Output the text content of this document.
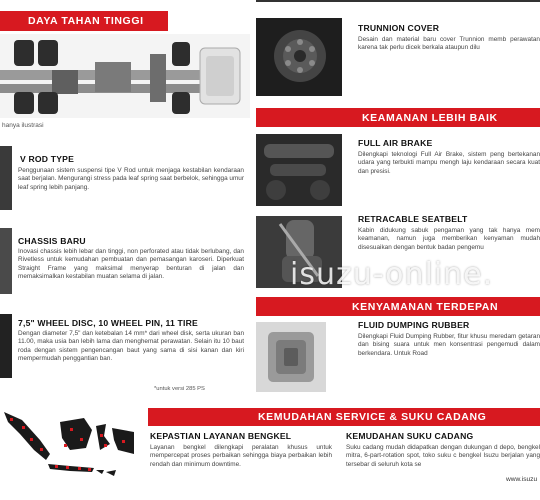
DAYA TAHAN TINGGI
hanya ilustrasi
V ROD TYPE
Penggunaan sistem suspensi tipe V Rod untuk menjaga kestabilan kendaraan saat berjalan. Mengurangi stress pada leaf spring saat berbelok, sehingga umur leaf spring lebih panjang.
CHASSIS BARU
Inovasi chassis lebih lebar dan tinggi, non perforated atau tidak berlubang, dan Rivetless untuk kemudahan pembuatan dan pemasangan karoseri. Diperkuat Straight Frame yang maksimal menyerap benturan di jalan dan memaksimalkan kestabilan muatan selama di jalan.
7,5" WHEEL DISC, 10 WHEEL PIN, 11 TIRE
Dengan diameter 7,5" dan ketebalan 14 mm* dari wheel disk, serta ukuran ban 11.00, maka usia ban lebih lama dan menghemat perawatan. Selain itu 10 baut roda dengan sistem pengencangan baut yang sama di sisi kanan dan kiri mempermudah penggantian ban.
*untuk versi 285 PS
TRUNNION COVER
Desain dan material baru cover Trunnion memb perawatan karena tak perlu dicek berkala ataupun dilu
KEAMANAN LEBIH BAIK
FULL AIR BRAKE
Dilengkapi teknologi Full Air Brake, sistem peng bertekanan udara yang terbukti mampu mengh laju kendaraan secara kuat dan presisi.
RETRACABLE SEATBELT
Kabin didukung sabuk pengaman yang tak hanya mem keamanan, namun juga memberikan kenyaman mudah disesuaikan dengan bentuk badan pengemu
KENYAMANAN TERDEPAN
FLUID DUMPING RUBBER
Dilengkapi Fluid Dumping Rubber, fitur khusu meredam getaran dan bising suara untuk men konsentrasi pengemudi dalam berkendara. Untuk Road
isuzu-online.
KEMUDAHAN SERVICE & SUKU CADANG
KEPASTIAN LAYANAN BENGKEL
Layanan bengkel dilengkapi peralatan khusus untuk mempercepat proses perbaikan sehingga biaya perbaikan lebih rendah dan minimum downtime.
KEMUDAHAN SUKU CADANG
Suku cadang mudah didapatkan dengan dukungan d depo, bengkel mitra, 6-part-rotation spot, toko suku c bengkel Isuzu berjalan yang tersebar di seluruh kota se
www.isuzu
